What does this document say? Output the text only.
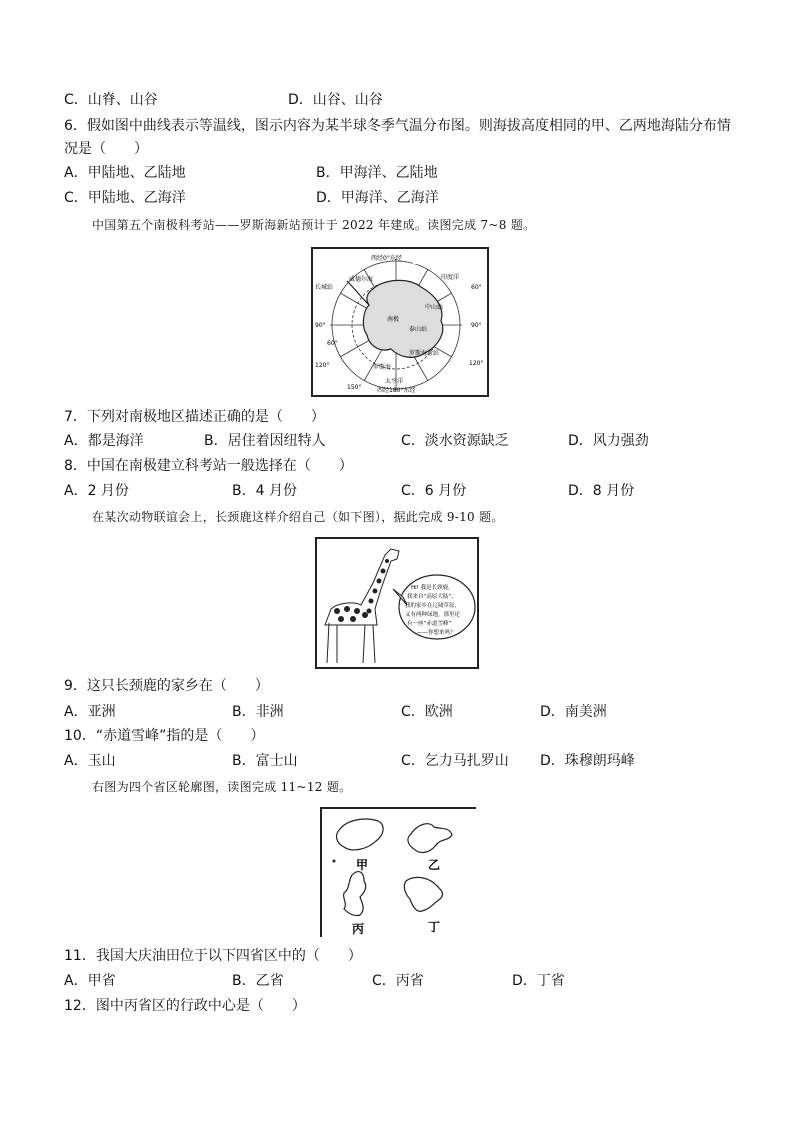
C．山脊、山谷	D．山谷、山谷
6．假如图中曲线表示等温线，图示内容为某半球冬季气温分布图。则海拔高度相同的甲、乙两地海陆分布情
况是（　　）
A．甲陆地、乙陆地	B．甲海洋、乙陆地
C．甲陆地、乙海洋	D．甲海洋、乙海洋
中国第五个南极科考站——罗斯海新站预计于 2022 年建成。读图完成 7~8 题。
西经0°东经
威德尔海	印度洋
长城站
中山站
泰山站
南极
罗斯海新站
罗斯海
太平洋
西经180°东经
90°
120°
150°
60°
90°
120°
60°
7．下列对南极地区描述正确的是（　　）
A．都是海洋	B．居住着因纽特人	C．淡水资源缺乏	D．风力强劲
8．中国在南极建立科考站一般选择在（　　）
A．2 月份	B．4 月份	C．6 月份	D．8 月份
在某次动物联谊会上，长颈鹿这样介绍自己（如下图），据此完成 9-10 题。
Hi! 我是长颈鹿。
我来自“高原大陆”，
我的家乡在辽阔草原，
又有两种绿地，那里还
有一座“赤道雪峰”
——你想来吗？
9．这只长颈鹿的家乡在（　　）
A．亚洲	B．非洲	C．欧洲	D．南美洲
10．“赤道雪峰”指的是（　　）
A．玉山	B．富士山	C．乞力马扎罗山 D．珠穆朗玛峰
右图为四个省区轮廓图，读图完成 11~12 题。
甲	乙
丙	丁
11．我国大庆油田位于以下四省区中的（　　）
A．甲省	B．乙省	C．丙省	D．丁省
12．图中丙省区的行政中心是（　　）
